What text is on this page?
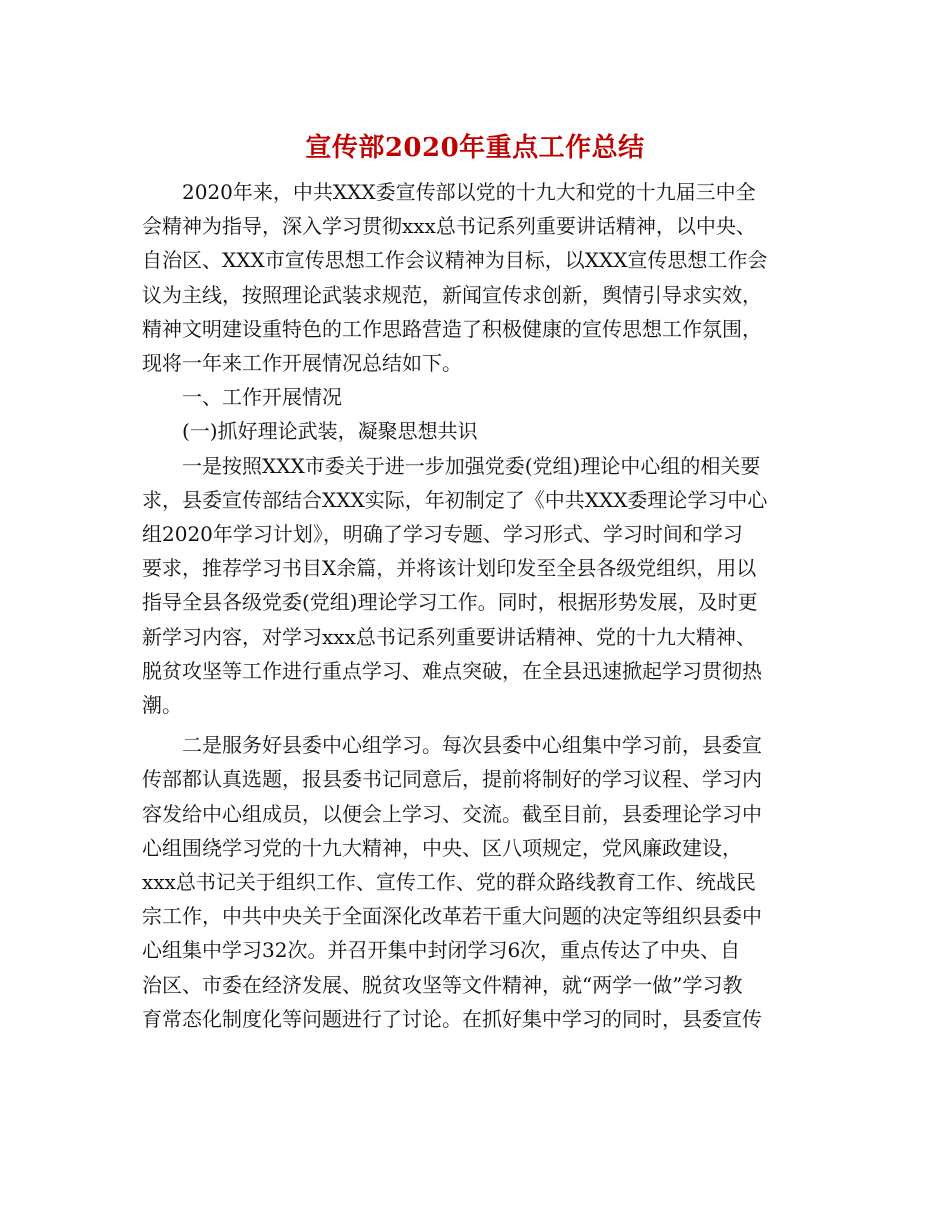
宣传部2020年重点工作总结
2020年来，中共XXX委宣传部以党的十九大和党的十九届三中全
会精神为指导，深入学习贯彻xxx总书记系列重要讲话精神，以中央、
自治区、XXX市宣传思想工作会议精神为目标，以XXX宣传思想工作会
议为主线，按照理论武装求规范，新闻宣传求创新，舆情引导求实效，
精神文明建设重特色的工作思路营造了积极健康的宣传思想工作氛围，
现将一年来工作开展情况总结如下。
一、工作开展情况
(一)抓好理论武装，凝聚思想共识
一是按照XXX市委关于进一步加强党委(党组)理论中心组的相关要
求，县委宣传部结合XXX实际，年初制定了《中共XXX委理论学习中心
组2020年学习计划》，明确了学习专题、学习形式、学习时间和学习
要求，推荐学习书目X余篇，并将该计划印发至全县各级党组织，用以
指导全县各级党委(党组)理论学习工作。同时，根据形势发展，及时更
新学习内容，对学习xxx总书记系列重要讲话精神、党的十九大精神、
脱贫攻坚等工作进行重点学习、难点突破，在全县迅速掀起学习贯彻热
潮。
二是服务好县委中心组学习。每次县委中心组集中学习前，县委宣
传部都认真选题，报县委书记同意后，提前将制好的学习议程、学习内
容发给中心组成员，以便会上学习、交流。截至目前，县委理论学习中
心组围绕学习党的十九大精神，中央、区八项规定，党风廉政建设，
xxx总书记关于组织工作、宣传工作、党的群众路线教育工作、统战民
宗工作，中共中央关于全面深化改革若干重大问题的决定等组织县委中
心组集中学习32次。并召开集中封闭学习6次，重点传达了中央、自
治区、市委在经济发展、脱贫攻坚等文件精神，就“两学一做”学习教
育常态化制度化等问题进行了讨论。在抓好集中学习的同时，县委宣传
